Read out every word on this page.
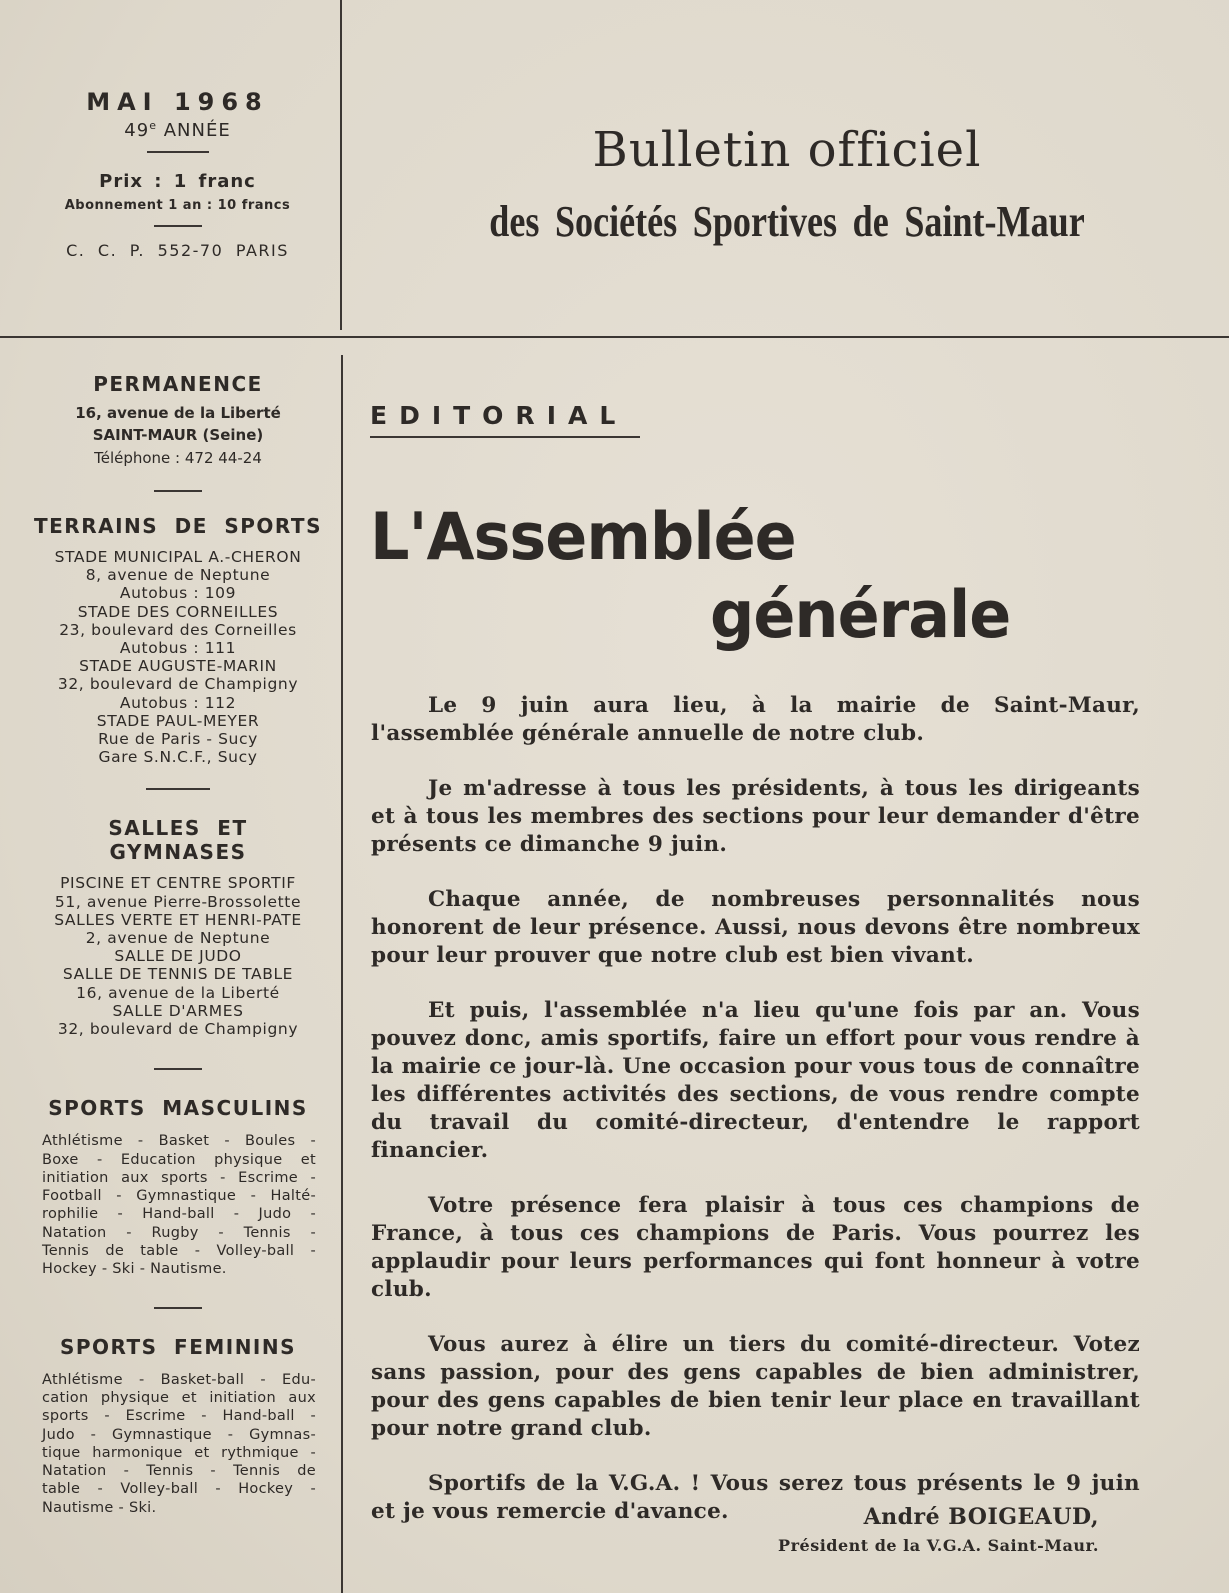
MAI 1968
49e ANNÉE
Prix : 1 franc
Abonnement 1 an : 10 francs
C. C. P. 552-70 PARIS
Bulletin officiel
des Sociétés Sportives de Saint-Maur
PERMANENCE
16, avenue de la Liberté
SAINT-MAUR (Seine)
Téléphone : 472 44-24
TERRAINS DE SPORTS
STADE MUNICIPAL A.-CHERON
8, avenue de Neptune
Autobus : 109
STADE DES CORNEILLES
23, boulevard des Corneilles
Autobus : 111
STADE AUGUSTE-MARIN
32, boulevard de Champigny
Autobus : 112
STADE PAUL-MEYER
Rue de Paris - Sucy
Gare S.N.C.F., Sucy
SALLES ET GYMNASES
PISCINE ET CENTRE SPORTIF
51, avenue Pierre-Brossolette
SALLES VERTE ET HENRI-PATE
2, avenue de Neptune
SALLE DE JUDO
SALLE DE TENNIS DE TABLE
16, avenue de la Liberté
SALLE D'ARMES
32, boulevard de Champigny
SPORTS MASCULINS
Athlétisme - Basket - Boules -
Boxe - Education physique et
initiation aux sports - Escrime -
Football - Gymnastique - Halté-
rophilie - Hand-ball - Judo -
Natation - Rugby - Tennis -
Tennis de table - Volley-ball -
Hockey - Ski - Nautisme.
SPORTS FEMININS
Athlétisme - Basket-ball - Edu-
cation physique et initiation aux
sports - Escrime - Hand-ball -
Judo - Gymnastique - Gymnas-
tique harmonique et rythmique -
Natation - Tennis - Tennis de
table - Volley-ball - Hockey -
Nautisme - Ski.
EDITORIAL
L'Assemblée
générale

Le 9 juin aura lieu, à la mairie de Saint-Maur, l'assemblée générale annuelle de notre club.

Je m'adresse à tous les présidents, à tous les dirigeants et à tous les membres des sections pour leur demander d'être présents ce dimanche 9 juin.

Chaque année, de nombreuses personnalités nous honorent de leur présence. Aussi, nous devons être nombreux pour leur prouver que notre club est bien vivant.

Et puis, l'assemblée n'a lieu qu'une fois par an. Vous pouvez donc, amis sportifs, faire un effort pour vous rendre à la mairie ce jour-là. Une occasion pour vous tous de connaître les différentes activités des sections, de vous rendre compte du travail du comité-directeur, d'entendre le rapport financier.

Votre présence fera plaisir à tous ces champions de France, à tous ces champions de Paris. Vous pourrez les applaudir pour leurs performances qui font honneur à votre club.

Vous aurez à élire un tiers du comité-directeur. Votez sans passion, pour des gens capables de bien administrer, pour des gens capables de bien tenir leur place en travaillant pour notre grand club.

Sportifs de la V.G.A. ! Vous serez tous présents le 9 juin et je vous remercie d'avance.	André BOIGEAUD,
Président de la V.G.A. Saint-Maur.
